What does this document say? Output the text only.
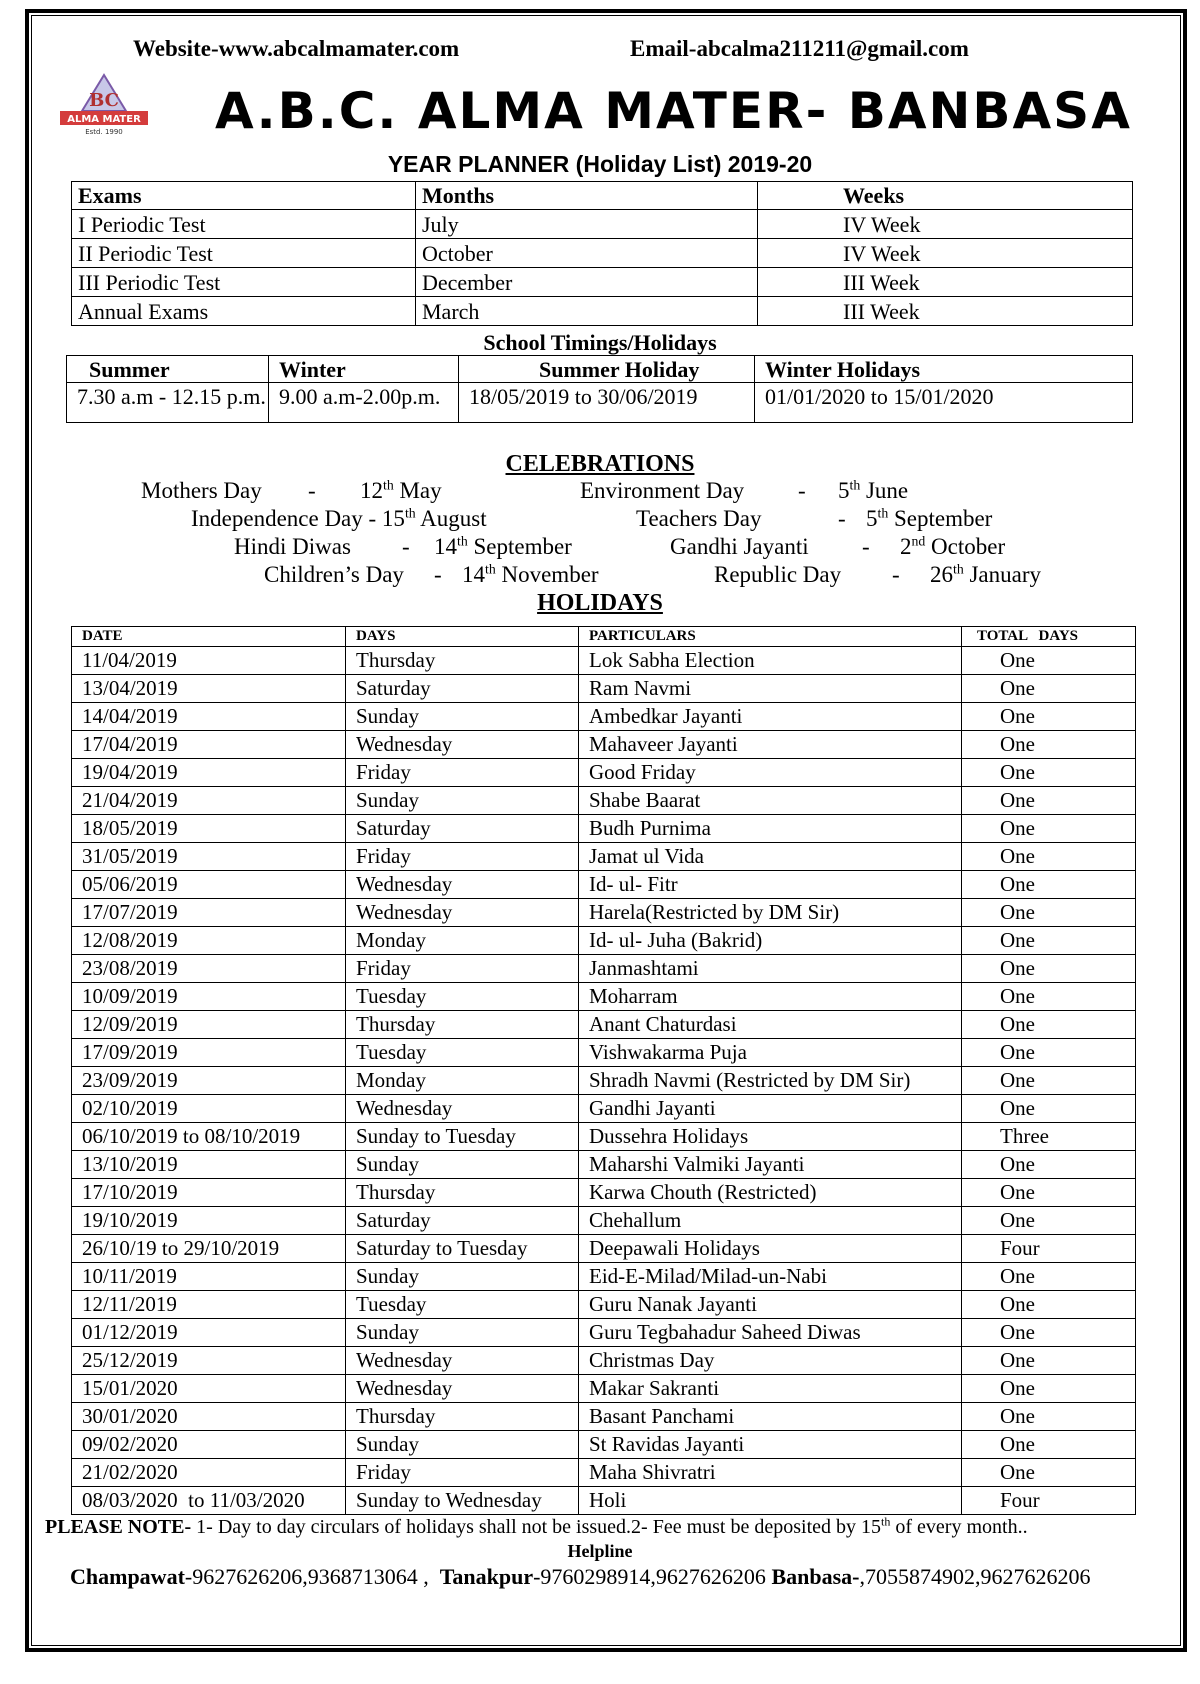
Website-www.abcalmamater.com	Email-abcalma211211@gmail.com
BC
ALMA MATER
Estd. 1990 A.B.C. ALMA MATER- BANBASA
YEAR PLANNER (Holiday List) 2019-20
Exams	Months	Weeks
I Periodic Test	July	IV Week
II Periodic Test	October	IV Week
III Periodic Test	December	III Week
Annual Exams	March	III Week
School Timings/Holidays
Summer	Winter	Summer Holiday	Winter Holidays
7.30 a.m - 12.15 p.m.	9.00 a.m-2.00p.m.	18/05/2019 to 30/06/2019	01/01/2020 to 15/01/2020
CELEBRATIONS
Mothers Day - 12th May	Environment Day - 5th June
Independence Day - 15th August	Teachers Day	- 5th September
Hindi Diwas - 14th September	Gandhi Jayanti - 2nd October
Children’s Day - 14th November	Republic Day - 26th January
HOLIDAYS
DATE	DAYS	PARTICULARS	TOTAL   DAYS
11/04/2019	Thursday	Lok Sabha Election	One
13/04/2019	Saturday	Ram Navmi	One
14/04/2019	Sunday	Ambedkar Jayanti	One
17/04/2019	Wednesday	Mahaveer Jayanti	One
19/04/2019	Friday	Good Friday	One
21/04/2019	Sunday	Shabe Baarat	One
18/05/2019	Saturday	Budh Purnima	One
31/05/2019	Friday	Jamat ul Vida	One
05/06/2019	Wednesday	Id- ul- Fitr	One
17/07/2019	Wednesday	Harela(Restricted by DM Sir)	One
12/08/2019	Monday	Id- ul- Juha (Bakrid)	One
23/08/2019	Friday	Janmashtami	One
10/09/2019	Tuesday	Moharram	One
12/09/2019	Thursday	Anant Chaturdasi	One
17/09/2019	Tuesday	Vishwakarma Puja	One
23/09/2019	Monday	Shradh Navmi (Restricted by DM Sir)	One
02/10/2019	Wednesday	Gandhi Jayanti	One
06/10/2019 to 08/10/2019	Sunday to Tuesday	Dussehra Holidays	Three
13/10/2019	Sunday	Maharshi Valmiki Jayanti	One
17/10/2019	Thursday	Karwa Chouth (Restricted)	One
19/10/2019	Saturday	Chehallum	One
26/10/19 to 29/10/2019	Saturday to Tuesday	Deepawali Holidays	Four
10/11/2019	Sunday	Eid-E-Milad/Milad-un-Nabi	One
12/11/2019	Tuesday	Guru Nanak Jayanti	One
01/12/2019	Sunday	Guru Tegbahadur Saheed Diwas	One
25/12/2019	Wednesday	Christmas Day	One
15/01/2020	Wednesday	Makar Sakranti	One
30/01/2020	Thursday	Basant Panchami	One
09/02/2020	Sunday	St Ravidas Jayanti	One
21/02/2020	Friday	Maha Shivratri	One
08/03/2020  to 11/03/2020	Sunday to Wednesday	Holi	Four
PLEASE NOTE- 1- Day to day circulars of holidays shall not be issued.2- Fee must be deposited by 15th of every month..
Helpline
Champawat-9627626206,9368713064 ,  Tanakpur-9760298914,9627626206 Banbasa-,7055874902,9627626206
